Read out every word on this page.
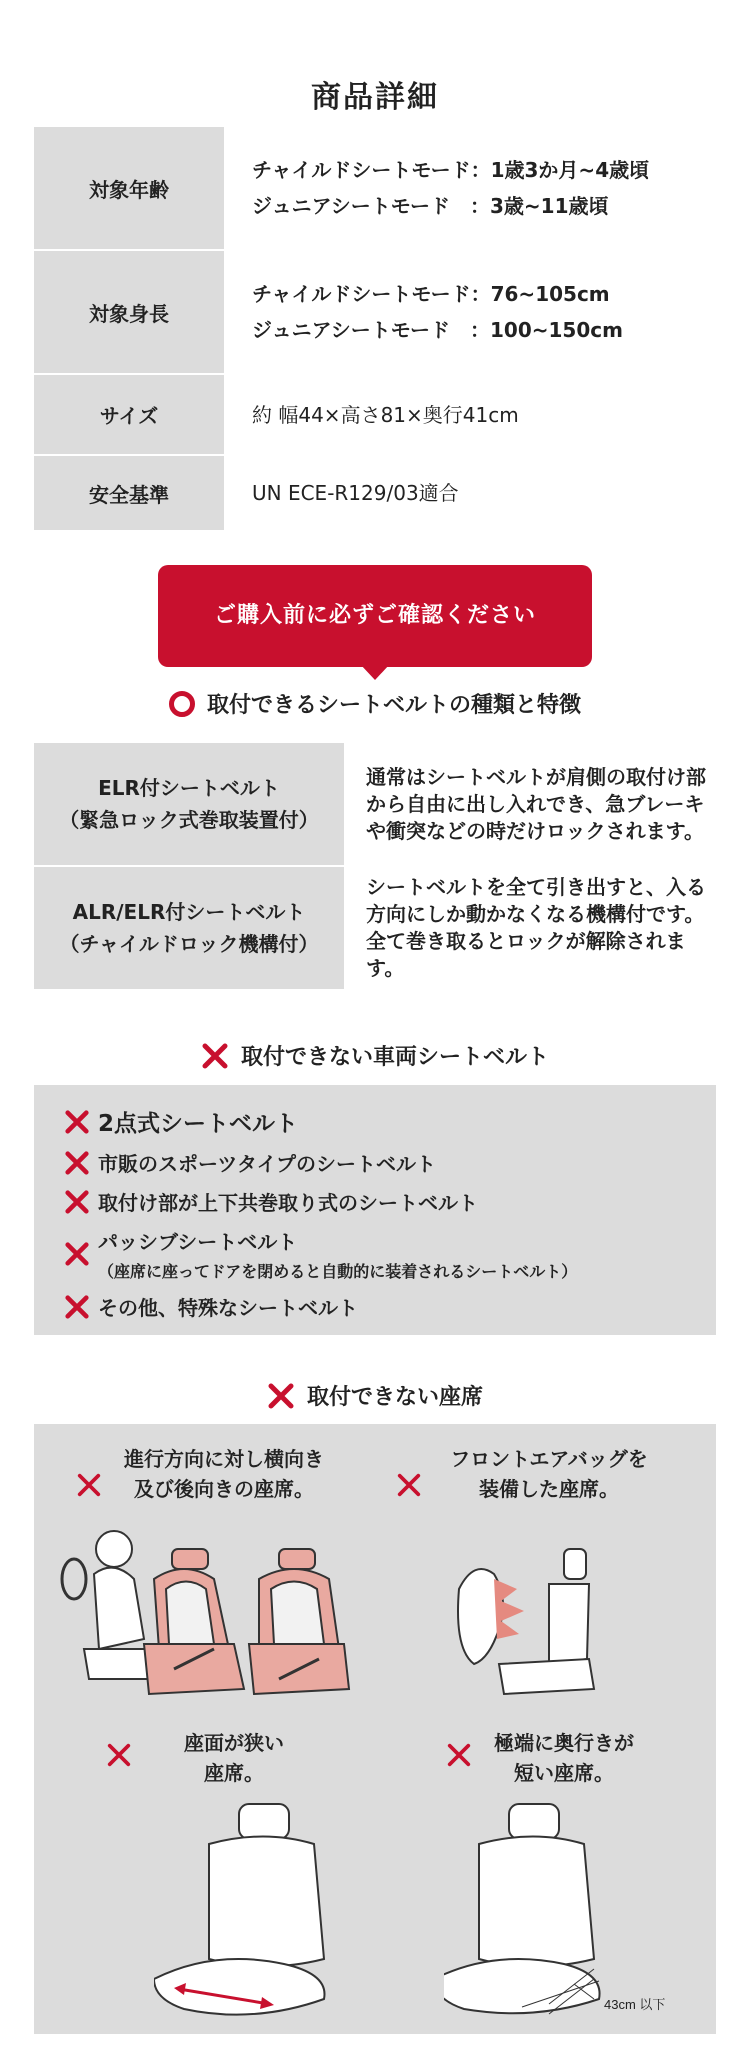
商品詳細
対象年齢
チャイルドシートモード：1歳3か月~4歳頃
ジュニアシートモード　：3歳~11歳頃
対象身長
チャイルドシートモード：76~105cm
ジュニアシートモード　：100~150cm
サイズ	約 幅44×高さ81×奥行41cm
安全基準	UN ECE-R129/03適合
ご購入前に必ずご確認ください
取付できるシートベルトの種類と特徴
ELR付シートベルト
（緊急ロック式巻取装置付）
通常はシートベルトが肩側の取付け部から自由に出し入れでき、急ブレーキや衝突などの時だけロックされます。
ALR/ELR付シートベルト
（チャイルドロック機構付）
シートベルトを全て引き出すと、入る方向にしか動かなくなる機構付です。全て巻き取るとロックが解除されます。
取付できない車両シートベルト
2点式シートベルト
市販のスポーツタイプのシートベルト
取付け部が上下共巻取り式のシートベルト
パッシブシートベルト
（座席に座ってドアを閉めると自動的に装着されるシートベルト）
その他、特殊なシートベルト
取付できない座席
進行方向に対し横向き
及び後向きの座席。
フロントエアバッグを
装備した座席。
座面が狭い
座席。
極端に奥行きが
短い座席。
43cm 以下
